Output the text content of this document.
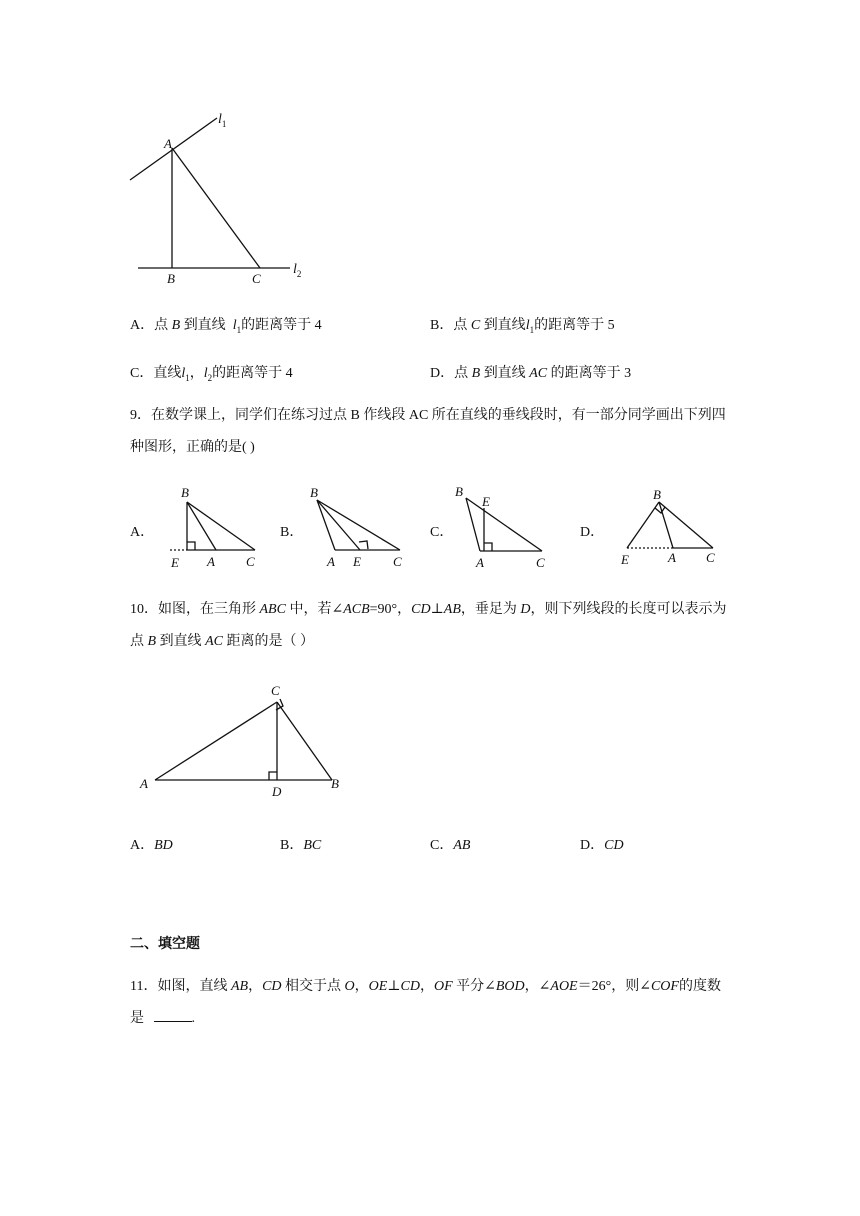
A
B	C
$l_1$
$l_2$
A．点 B 到直线  $l_1$的距离等于 4	B．点 C 到直线$l_1$的距离等于 5
C．直线$l_1$，$l_2$的距离等于 4	D．点 B 到直线 AC 的距离等于 3
9．在数学课上，同学们在练习过点 B 作线段 AC 所在直线的垂线段时，有一部分同学画出下列四种图形，正确的是( )
A．	B．	C．	D．
B
E A C
B
A E C
B
E
A	C
B
E	A C
10．如图，在三角形 ABC 中，若∠ACB=90°，CD⊥AB，垂足为 D，则下列线段的长度可以表示为点 B 到直线 AC 距离的是（ ）
C
A
D
B
A．BD	B．BC	C．AB	D．CD
二、填空题
11．如图，直线 AB，CD 相交于点 O，OE⊥CD，OF 平分∠BOD，∠AOE＝26°，则∠COF的度数是	.
